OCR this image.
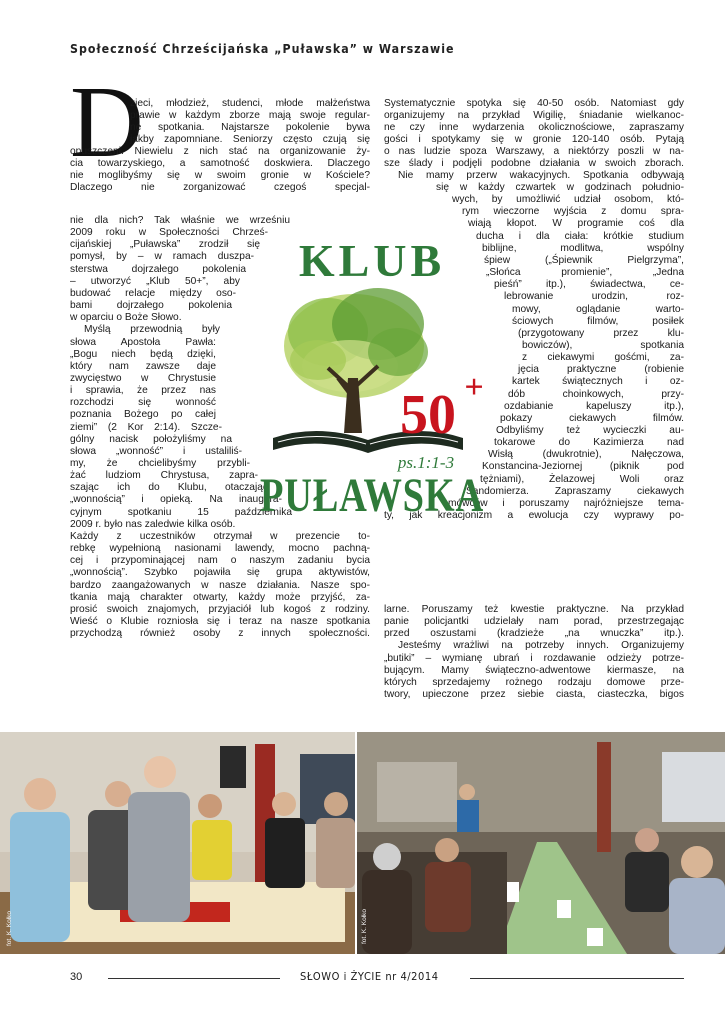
Społeczność Chrześcijańska „Puławska” w Warszawie
D
zieci, młodzież, studenci, młode małżeństwa
prawie w każdym zborze mają swoje regular-
ne spotkania. Najstarsze pokolenie bywa
jakby zapomniane. Seniorzy często czują się
opuszczeni. Niewielu z nich stać na organizowanie ży-
cia towarzyskiego, a samotność doskwiera. Dlaczego
nie moglibyśmy się w swoim gronie w Kościele?
Dlaczego nie zorganizować czegoś specjal-
nie dla nich? Tak właśnie we wrześniu
2009 roku w Społeczności Chrześ-
cijańskiej „Puławska” zrodził się
pomysł, by – w ramach duszpa-
sterstwa dojrzałego pokolenia
– utworzyć „Klub 50+”, aby
budować relacje między oso-
bami dojrzałego pokolenia
w oparciu o Boże Słowo.
Myślą przewodnią były
słowa Apostoła Pawła:
„Bogu niech będą dzięki,
który nam zawsze daje
zwycięstwo w Chrystusie
i sprawia, że przez nas
rozchodzi się wonność
poznania Bożego po całej
ziemi” (2 Kor 2:14). Szcze-
gólny nacisk położyliśmy na
słowa „wonność” i ustaliliś-
my, że chcielibyśmy przybli-
żać ludziom Chrystusa, zapra-
szając ich do Klubu, otaczając
„wonnością” i opieką. Na inaugura-
cyjnym spotkaniu 15 października
2009 r. było nas zaledwie kilka osób.
Każdy z uczestników otrzymał w prezencie to-
rebkę wypełnioną nasionami lawendy, mocno pachną-
cej i przypominającej nam o naszym zadaniu bycia
„wonnością”. Szybko pojawiła się grupa aktywistów,
bardzo zaangażowanych w nasze działania. Nasze spo-
tkania mają charakter otwarty, każdy może przyjść, za-
prosić swoich znajomych, przyjaciół lub kogoś z rodziny.
Wieść o Klubie rozniosła się i teraz na nasze spotkania
przychodzą również osoby z innych społeczności.
Systematycznie spotyka się 40-50 osób. Natomiast gdy
organizujemy na przykład Wigilię, śniadanie wielkanoc-
ne czy inne wydarzenia okolicznościowe, zapraszamy
gości i spotykamy się w gronie 120-140 osób. Pytają
o nas ludzie spoza Warszawy, a niektórzy poszli w na-
sze ślady i podjęli podobne działania w swoich zborach.
Nie mamy przerw wakacyjnych. Spotkania odbywają
się w każdy czwartek w godzinach południo-
wych, by umożliwić udział osobom, któ-
rym wieczorne wyjścia z domu spra-
wiają kłopot. W programie coś dla
ducha i dla ciała: krótkie studium
biblijne, modlitwa, wspólny
śpiew („Śpiewnik Pielgrzyma”,
„Słońca promienie”, „Jedna
pieśń” itp.), świadectwa, ce-
lebrowanie urodzin, roz-
mowy, oglądanie warto-
ściowych filmów, posiłek
(przygotowany przez klu-
bowiczów), spotkania
z ciekawymi gośćmi, za-
jęcia praktyczne (robienie
kartek świątecznych i oz-
dób choinkowych, przy-
ozdabianie kapeluszy itp.),
pokazy ciekawych filmów.
Odbyliśmy też wycieczki au-
tokarowe do Kazimierza nad
Wisłą (dwukrotnie), Nałęczowa,
Konstancina-Jeziornej (piknik pod
tężniami), Żelazowej Woli oraz
Sandomierza. Zapraszamy ciekawych
mówców i poruszamy najróżniejsze tema-
ty, jak kreacjonizm a ewolucja czy wyprawy po-
larne. Poruszamy też kwestie praktyczne. Na przykład
panie policjantki udzielały nam porad, przestrzegając
przed oszustami (kradzieże „na wnuczka” itp.).
Jesteśmy wrażliwi na potrzeby innych. Organizujemy
„butiki” – wymianę ubrań i rozdawanie odzieży potrze-
bującym. Mamy świąteczno-adwentowe kiermasze, na
których sprzedajemy rożnego rodzaju domowe prze-
twory, upieczone przez siebie ciasta, ciasteczka, bigos
KLUB
50 +
ps.1:1-3
PUŁAWSKA
fot. K. Kołko	fot. K. Kołko
30	SŁOWO i ŻYCIE nr 4/2014
